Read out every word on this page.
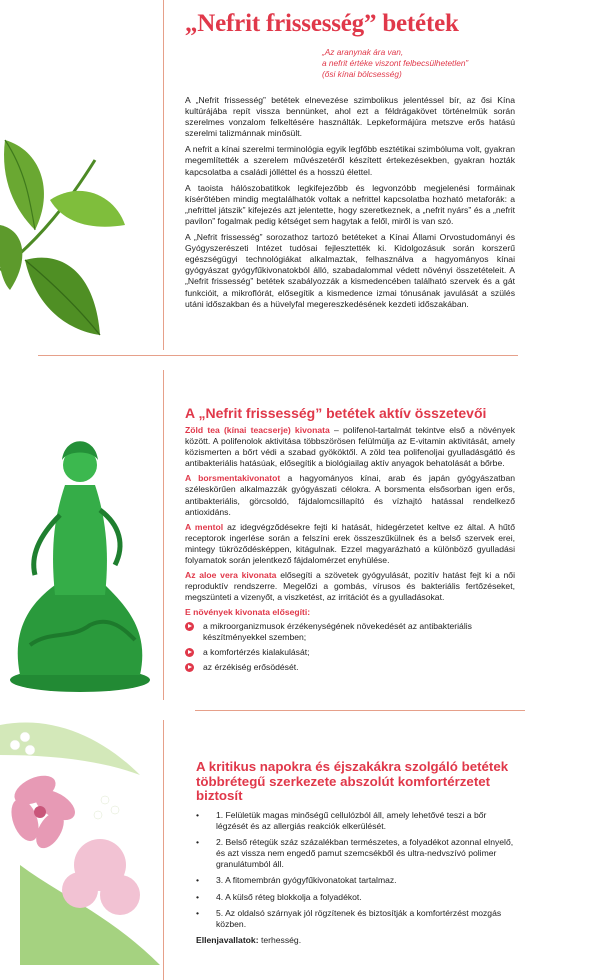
„Nefrit frissesség” betétek
„Az aranynak ára van,
a nefrit értéke viszont felbecsülhetetlen”
(ősi kínai bölcsesség)

A „Nefrit frissesség” betétek elnevezése szimbolikus jelentéssel bír, az ősi Kína kultúrájába repít vissza bennünket, ahol ezt a féldrágakövet történelmük során szerelmes vonzalom felkeltésére használták. Lepkeformájúra metszve erős hatású szerelmi talizmánnak minősült.

A nefrit a kínai szerelmi terminológia egyik legfőbb esztétikai szimbóluma volt, gyakran megemlítették a szerelem művészetéről készített értekezésekben, gyakran hozták kapcsolatba a családi jólléttel és a hosszú élettel.

A taoista hálószobatitkok legkifejezőbb és legvonzóbb megjelenési formáinak kísérőtében mindig megtalálhatók voltak a nefrittel kapcsolatba hozható metaforák: a „nefrittel játszik” kifejezés azt jelentette, hogy szeretkeznek, a „nefrit nyárs” és a „nefrit pavilon” fogalmak pedig kétséget sem hagytak a felől, miről is van szó.

A „Nefrit frissesség” sorozathoz tartozó betéteket a Kínai Állami Orvostudományi és Gyógyszerészeti Intézet tudósai fejlesztették ki. Kidolgozásuk során korszerű egészségügyi technológiákat alkalmaztak, felhasználva a hagyományos kínai gyógyászat gyógyfűkivonatokból álló, szabadalommal védett növényi összetételeit. A „Nefrit frissesség” betétek szabályozzák a kismedencében található szervek és a gát funkcióit, a mikroflórát, elősegítik a kismedence izmai tónusának javulását a szülés utáni időszakban és a hüvelyfal megereszkedésének kezdeti időszakában.

A „Nefrit frissesség” betétek aktív összetevői

Zöld tea (kínai teacserje) kivonata – polifenol-tartalmát tekintve első a növények között. A polifenolok aktivitása többszörösen felülmúlja az E-vitamin aktivitását, amely közismerten a bőrt védi a szabad gyököktől. A zöld tea polifenoljai gyulladásgátló és antibakteriális hatásúak, elősegítik a biológiailag aktív anyagok behatolását a bőrbe.

A borsmentakivonatot a hagyományos kínai, arab és japán gyógyászatban széleskörűen alkalmazzák gyógyászati célokra. A borsmenta elsősorban igen erős, antibakteriális, görcsoldó, fájdalomcsillapító és vízhajtó hatással rendelkező antioxidáns.

A mentol az idegvégződésekre fejti ki hatását, hidegérzetet keltve ez által. A hűtő receptorok ingerlése során a felszíni erek összeszűkülnek és a belső szervek erei, mintegy tükröződésképpen, kitágulnak. Ezzel magyarázható a különböző gyulladási folyamatok során jelentkező fájdalomérzet enyhülése.

Az aloe vera kivonata elősegíti a szövetek gyógyulását, pozitív hatást fejt ki a női reproduktív rendszerre. Megelőzi a gombás, vírusos és bakteriális fertőzéseket, megszünteti a vizenyőt, a viszketést, az irritációt és a gyulladásokat.

E növények kivonata elősegíti:
a mikroorganizmusok érzékenységének növekedését az antibakteriális készítményekkel szemben;
a komfortérzés kialakulását;
az érzékiség erősödését.
A kritikus napokra és éjszakákra szolgáló betétek többrétegű szerkezete abszolút komfortérzetet biztosít
• 1. Felületük magas minőségű cellulózból áll, amely lehetővé teszi a bőr légzését és az allergiás reakciók elkerülését.
• 2. Belső rétegük száz százalékban természetes, a folyadékot azonnal elnyelő, és azt vissza nem engedő pamut szemcsékből és ultra-nedvszívó polimer granulátumból áll.
• 3. A fitomembrán gyógyfűkivonatokat tartalmaz.
• 4. A külső réteg blokkolja a folyadékot.
• 5. Az oldalsó szárnyak jól rögzítenek és biztosítják a komfortérzést mozgás közben.
Ellenjavallatok: terhesség.
